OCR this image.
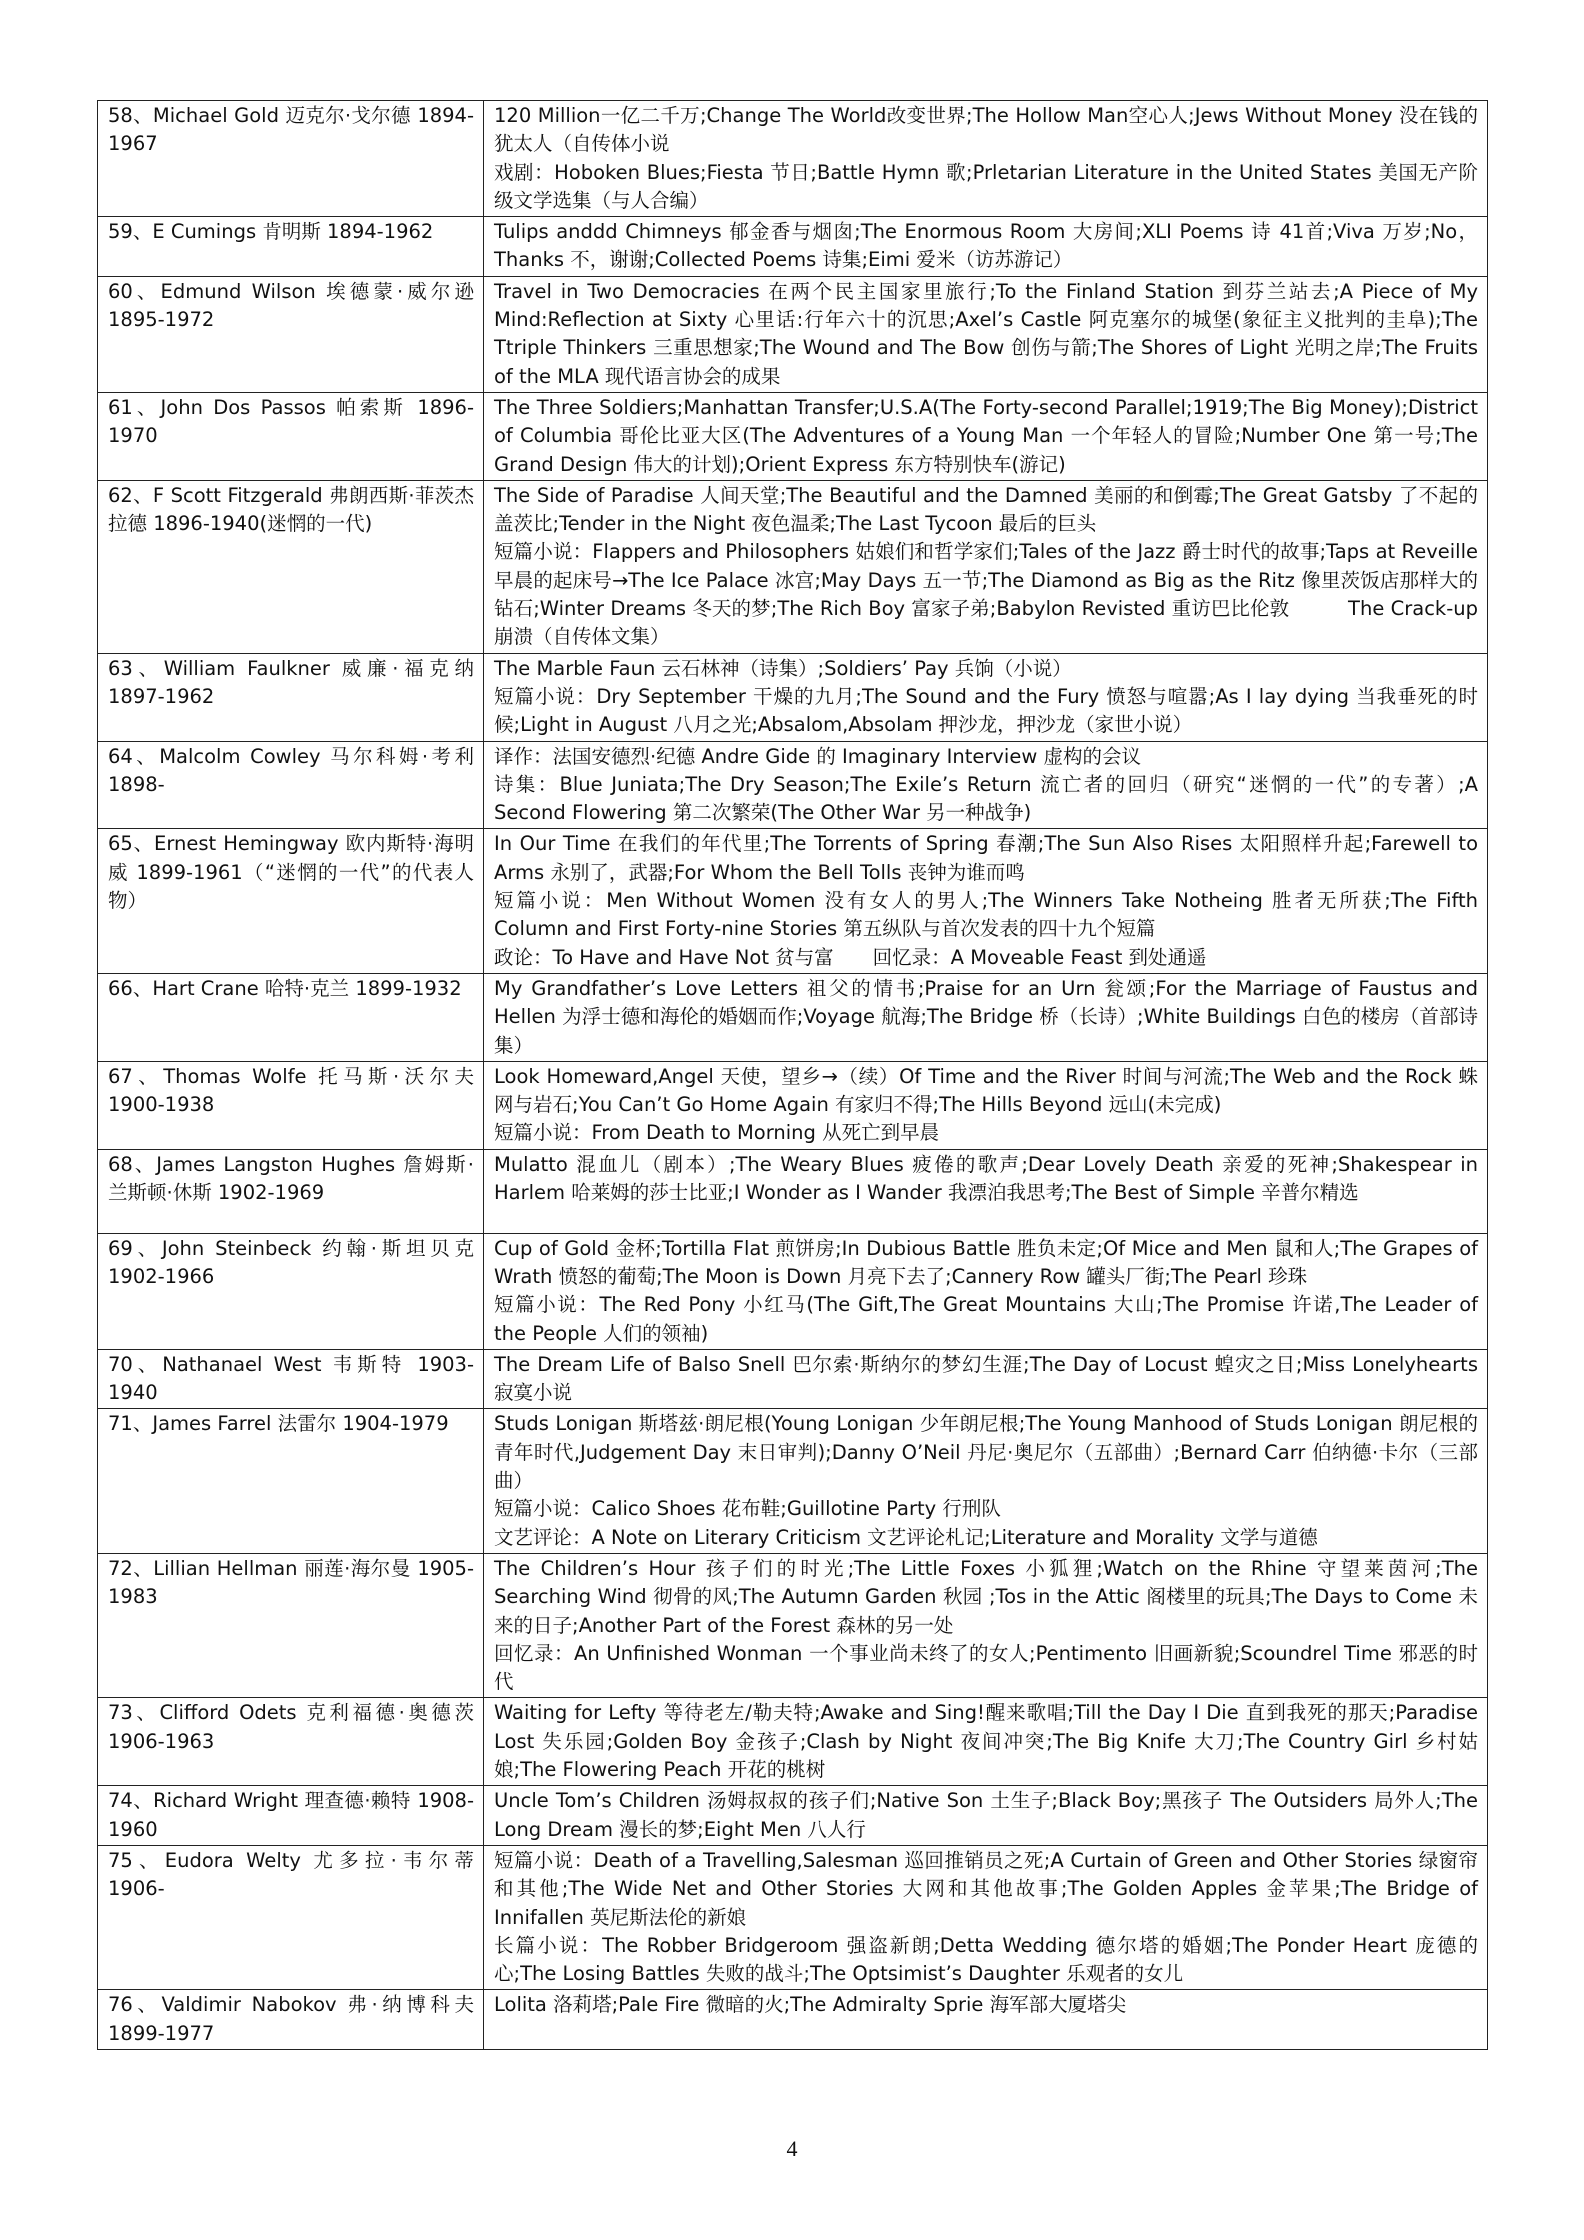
58、Michael Gold 迈克尔·戈尔德 1894-1967	120 Million一亿二千万;Change The World改变世界;The Hollow Man空心人;Jews Without Money 没在钱的犹太人（自传体小说
戏剧：Hoboken Blues;Fiesta 节日;Battle Hymn 歌;Prletarian Literature in the United States 美国无产阶级文学选集（与人合编）

59、E Cumings 肯明斯 1894-1962	Tulips anddd Chimneys 郁金香与烟囱;The Enormous Room 大房间;XLI Poems 诗 41首;Viva 万岁;No， Thanks 不，谢谢;Collected Poems 诗集;Eimi 爱米（访苏游记）

60、Edmund Wilson 埃德蒙·威尔逊 1895-1972	Travel in Two Democracies 在两个民主国家里旅行;To the Finland Station 到芬兰站去;A Piece of My Mind:Reflection at Sixty 心里话:行年六十的沉思;Axel’s Castle 阿克塞尔的城堡(象征主义批判的圭阜);The Ttriple Thinkers 三重思想家;The Wound and The Bow 创伤与箭;The Shores of Light 光明之岸;The Fruits of the MLA 现代语言协会的成果

61、John Dos Passos 帕索斯 1896-1970	The Three Soldiers;Manhattan Transfer;U.S.A(The Forty-second Parallel;1919;The Big Money);District of Columbia 哥伦比亚大区(The Adventures of a Young Man 一个年轻人的冒险;Number One 第一号;The Grand Design 伟大的计划);Orient Express 东方特别快车(游记)

62、F Scott Fitzgerald 弗朗西斯·菲茨杰拉德 1896-1940(迷惘的一代)	The Side of Paradise 人间天堂;The Beautiful and the Damned 美丽的和倒霉;The Great Gatsby 了不起的盖茨比;Tender in the Night 夜色温柔;The Last Tycoon 最后的巨头
短篇小说：Flappers and Philosophers 姑娘们和哲学家们;Tales of the Jazz 爵士时代的故事;Taps at Reveille 早晨的起床号→The Ice Palace 冰宫;May Days 五一节;The Diamond as Big as the Ritz 像里茨饭店那样大的钻石;Winter Dreams 冬天的梦;The Rich Boy 富家子弟;Babylon Revisted 重访巴比伦敦　　　The Crack-up 崩溃（自传体文集）

63、William Faulkner 威廉·福克纳 1897-1962	The Marble Faun 云石林神（诗集）;Soldiers’ Pay 兵饷（小说）
短篇小说：Dry September 干燥的九月;The Sound and the Fury 愤怒与喧嚣;As I lay dying 当我垂死的时候;Light in August 八月之光;Absalom,Absolam 押沙龙，押沙龙（家世小说）

64、Malcolm Cowley 马尔科姆·考利 1898-	译作：法国安德烈·纪德 Andre Gide 的 Imaginary Interview 虚构的会议
诗集：Blue Juniata;The Dry Season;The Exile’s Return 流亡者的回归（研究“迷惘的一代”的专著）;A Second Flowering 第二次繁荣(The Other War 另一种战争)

65、Ernest Hemingway 欧内斯特·海明威 1899-1961（“迷惘的一代”的代表人物）	In Our Time 在我们的年代里;The Torrents of Spring 春潮;The Sun Also Rises 太阳照样升起;Farewell to Arms 永别了，武器;For Whom the Bell Tolls 丧钟为谁而鸣
短篇小说：Men Without Women 没有女人的男人;The Winners Take Notheing 胜者无所获;The Fifth Column and First Forty-nine Stories 第五纵队与首次发表的四十九个短篇
政论：To Have and Have Not 贫与富　　回忆录：A Moveable Feast 到处通遥

66、Hart Crane 哈特·克兰 1899-1932	My Grandfather’s Love Letters 祖父的情书;Praise for an Urn 瓮颂;For the Marriage of Faustus and Hellen 为浮士德和海伦的婚姻而作;Voyage 航海;The Bridge 桥（长诗）;White Buildings 白色的楼房（首部诗集）

67、Thomas Wolfe 托马斯·沃尔夫 1900-1938	Look Homeward,Angel 天使，望乡→（续）Of Time and the River 时间与河流;The Web and the Rock 蛛网与岩石;You Can’t Go Home Again 有家归不得;The Hills Beyond 远山(未完成)
短篇小说：From Death to Morning 从死亡到早晨

68、James Langston Hughes 詹姆斯·兰斯顿·休斯 1902-1969	Mulatto 混血儿（剧本）;The Weary Blues 疲倦的歌声;Dear Lovely Death 亲爱的死神;Shakespear in Harlem 哈莱姆的莎士比亚;I Wonder as I Wander 我漂泊我思考;The Best of Simple 辛普尔精选

69、John Steinbeck 约翰·斯坦贝克 1902-1966	Cup of Gold 金杯;Tortilla Flat 煎饼房;In Dubious Battle 胜负未定;Of Mice and Men 鼠和人;The Grapes of Wrath 愤怒的葡萄;The Moon is Down 月亮下去了;Cannery Row 罐头厂街;The Pearl 珍珠
短篇小说：The Red Pony 小红马(The Gift,The Great Mountains 大山;The Promise 许诺,The Leader of the People 人们的领袖)

70、Nathanael West 韦斯特 1903-1940	The Dream Life of Balso Snell 巴尔索·斯纳尔的梦幻生涯;The Day of Locust 蝗灾之日;Miss Lonelyhearts 寂寞小说

71、James Farrel 法雷尔 1904-1979	Studs Lonigan 斯塔兹·朗尼根(Young Lonigan 少年朗尼根;The Young Manhood of Studs Lonigan 朗尼根的青年时代,Judgement Day 末日审判);Danny O’Neil 丹尼·奥尼尔（五部曲）;Bernard Carr 伯纳德·卡尔（三部曲）
短篇小说：Calico Shoes 花布鞋;Guillotine Party 行刑队
文艺评论：A Note on Literary Criticism 文艺评论札记;Literature and Morality 文学与道德

72、Lillian Hellman 丽莲·海尔曼 1905-1983	The Children’s Hour 孩子们的时光;The Little Foxes 小狐狸;Watch on the Rhine 守望莱茵河;The Searching Wind 彻骨的风;The Autumn Garden 秋园 ;Tos in the Attic 阁楼里的玩具;The Days to Come 未来的日子;Another Part of the Forest 森林的另一处
回忆录：An Unfinished Wonman 一个事业尚未终了的女人;Pentimento 旧画新貌;Scoundrel Time 邪恶的时代

73、Clifford Odets 克利福德·奥德茨 1906-1963	Waiting for Lefty 等待老左/勒夫特;Awake and Sing!醒来歌唱;Till the Day I Die 直到我死的那天;Paradise Lost 失乐园;Golden Boy 金孩子;Clash by Night 夜间冲突;The Big Knife 大刀;The Country Girl 乡村姑娘;The Flowering Peach 开花的桃树

74、Richard Wright 理查德·赖特 1908-1960	Uncle Tom’s Children 汤姆叔叔的孩子们;Native Son 土生子;Black Boy;黑孩子 The Outsiders 局外人;The Long Dream 漫长的梦;Eight Men 八人行

75、Eudora Welty 尤多拉·韦尔蒂 1906-	短篇小说：Death of a Travelling,Salesman 巡回推销员之死;A Curtain of Green and Other Stories 绿窗帘和其他;The Wide Net and Other Stories 大网和其他故事;The Golden Apples 金苹果;The Bridge of Innifallen 英尼斯法伦的新娘
长篇小说：The Robber Bridgeroom 强盗新朗;Detta Wedding 德尔塔的婚姻;The Ponder Heart 庞德的心;The Losing Battles 失败的战斗;The Optsimist’s Daughter 乐观者的女儿

76、Valdimir Nabokov 弗·纳博科夫 1899-1977	Lolita 洛莉塔;Pale Fire 微暗的火;The Admiralty Sprie 海军部大厦塔尖
4
